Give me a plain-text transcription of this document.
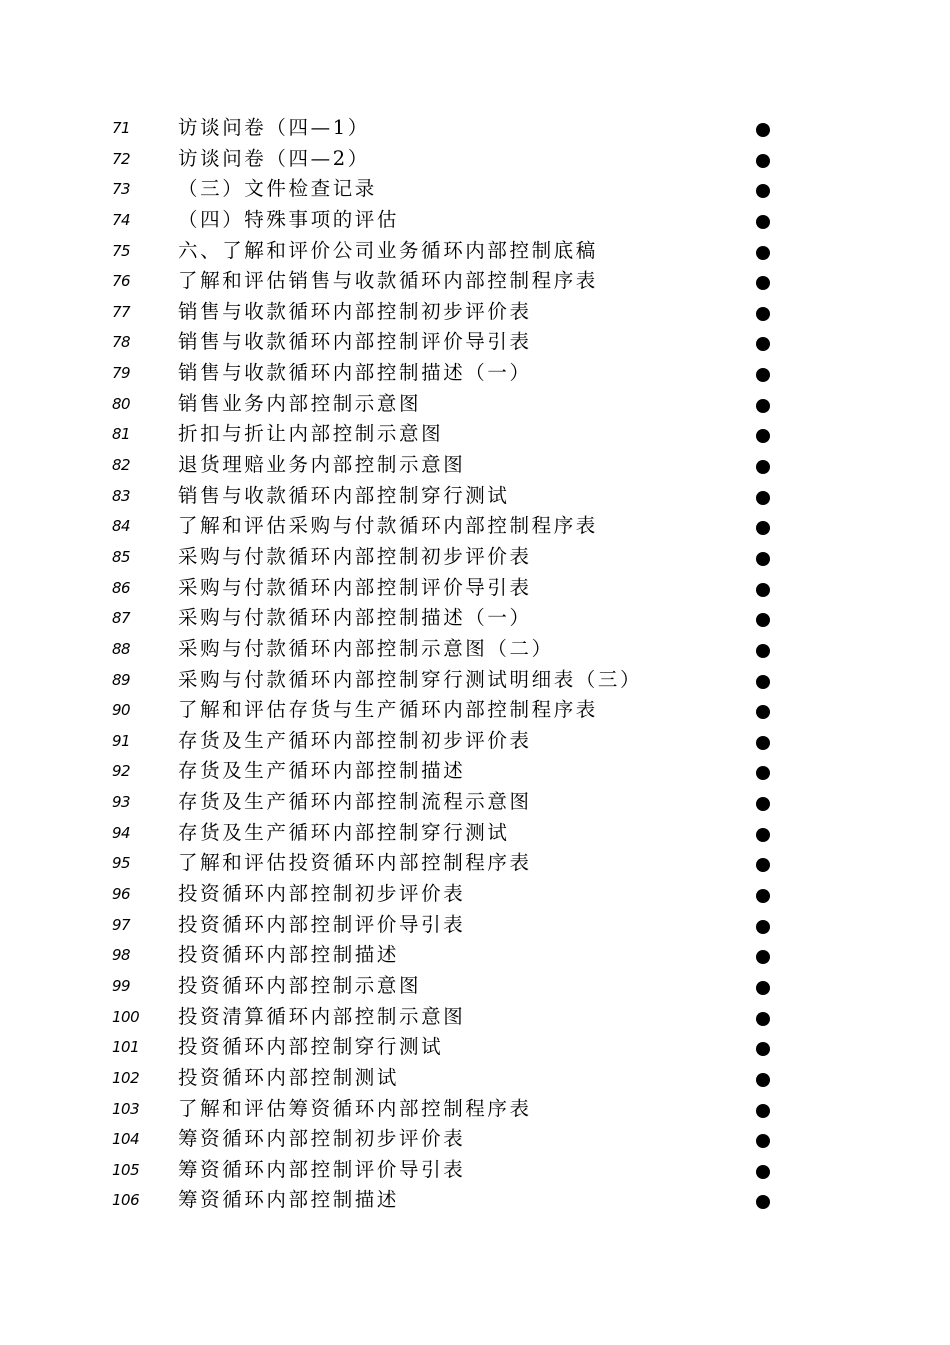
71	访谈问卷（四—1）
72	访谈问卷（四—2）
73	（三）文件检查记录
74	（四）特殊事项的评估
75	六、了解和评价公司业务循环内部控制底稿
76	了解和评估销售与收款循环内部控制程序表
77	销售与收款循环内部控制初步评价表
78	销售与收款循环内部控制评价导引表
79	销售与收款循环内部控制描述（一）
80	销售业务内部控制示意图
81	折扣与折让内部控制示意图
82	退货理赔业务内部控制示意图
83	销售与收款循环内部控制穿行测试
84	了解和评估采购与付款循环内部控制程序表
85	采购与付款循环内部控制初步评价表
86	采购与付款循环内部控制评价导引表
87	采购与付款循环内部控制描述（一）
88	采购与付款循环内部控制示意图（二）
89	采购与付款循环内部控制穿行测试明细表（三）
90	了解和评估存货与生产循环内部控制程序表
91	存货及生产循环内部控制初步评价表
92	存货及生产循环内部控制描述
93	存货及生产循环内部控制流程示意图
94	存货及生产循环内部控制穿行测试
95	了解和评估投资循环内部控制程序表
96	投资循环内部控制初步评价表
97	投资循环内部控制评价导引表
98	投资循环内部控制描述
99	投资循环内部控制示意图
100	投资清算循环内部控制示意图
101	投资循环内部控制穿行测试
102	投资循环内部控制测试
103	了解和评估筹资循环内部控制程序表
104	筹资循环内部控制初步评价表
105	筹资循环内部控制评价导引表
106	筹资循环内部控制描述
